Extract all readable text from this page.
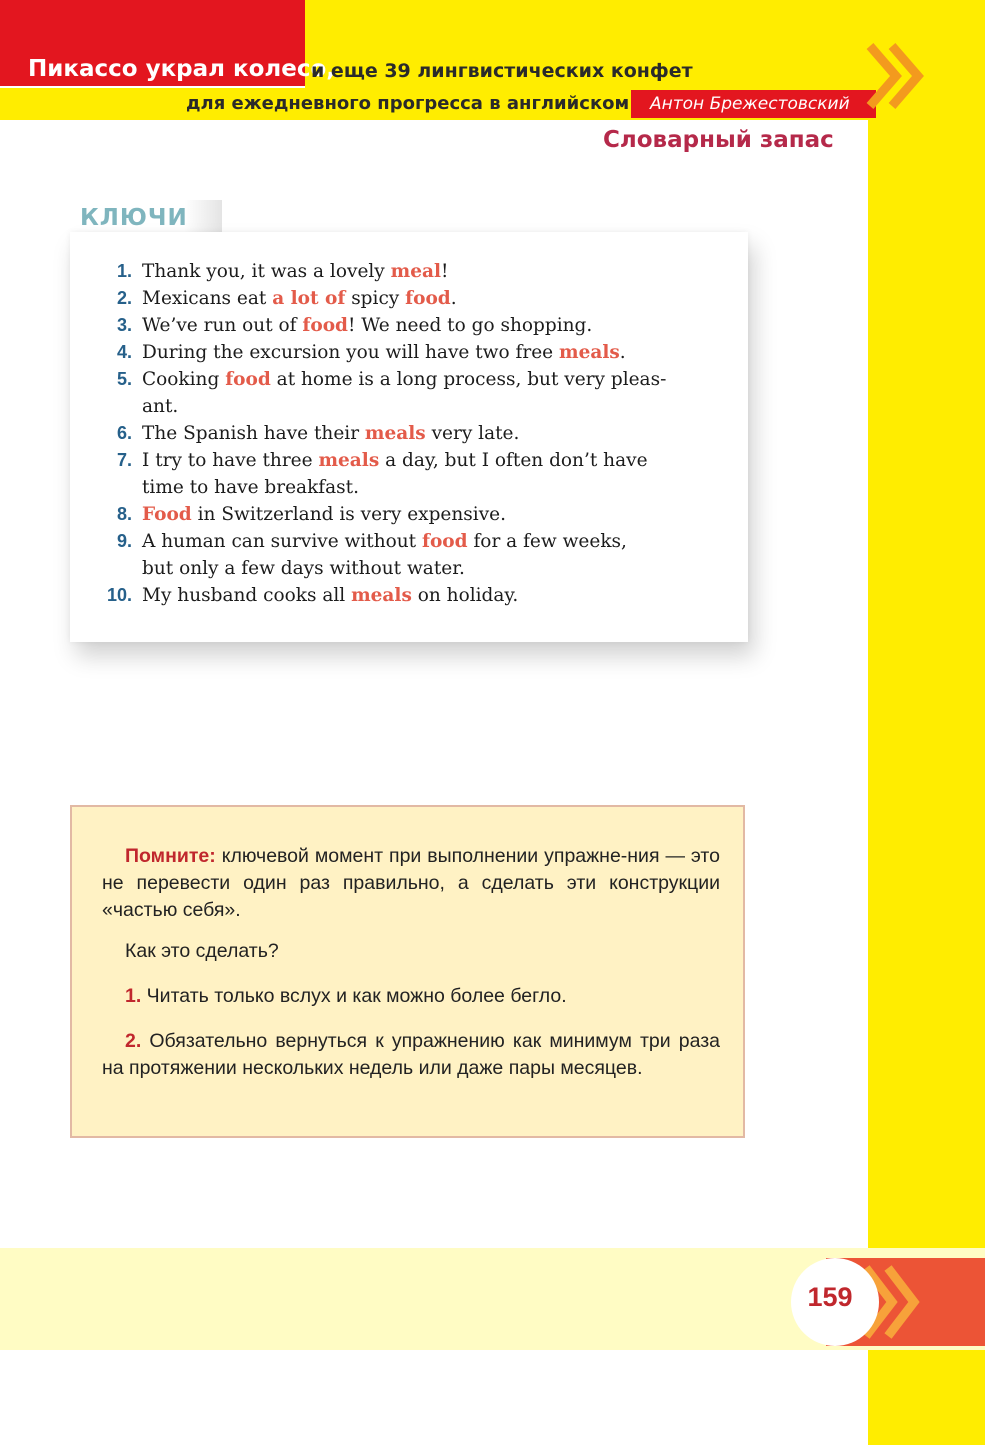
Пикассо украл колесо,
и еще 39 лингвистических конфет
для ежедневного прогресса в английском Антон Брежестовский
Словарный запас
1. Thank you, it was a lovely meal!
2. Mexicans eat a lot of spicy food.
3. We’ve run out of food! We need to go shopping.
4. During the excursion you will have two free meals.
5. Cooking food at home is a long process, but very pleas-
ant.
6. The Spanish have their meals very late.
7. I try to have three meals a day, but I often don’t have
time to have breakfast.
8. Food in Switzerland is very expensive.
9. A human can survive without food for a few weeks,
but only a few days without water.
10. My husband cooks all meals on holiday.
КЛЮЧИ

Помните: ключевой момент при выполнении упражне-ния — это не перевести один раз правильно, а сделать эти конструкции «частью себя».

Как это сделать?

1. Читать только вслух и как можно более бегло.

2. Обязательно вернуться к упражнению как минимум три раза на протяжении нескольких недель или даже пары месяцев.

159
